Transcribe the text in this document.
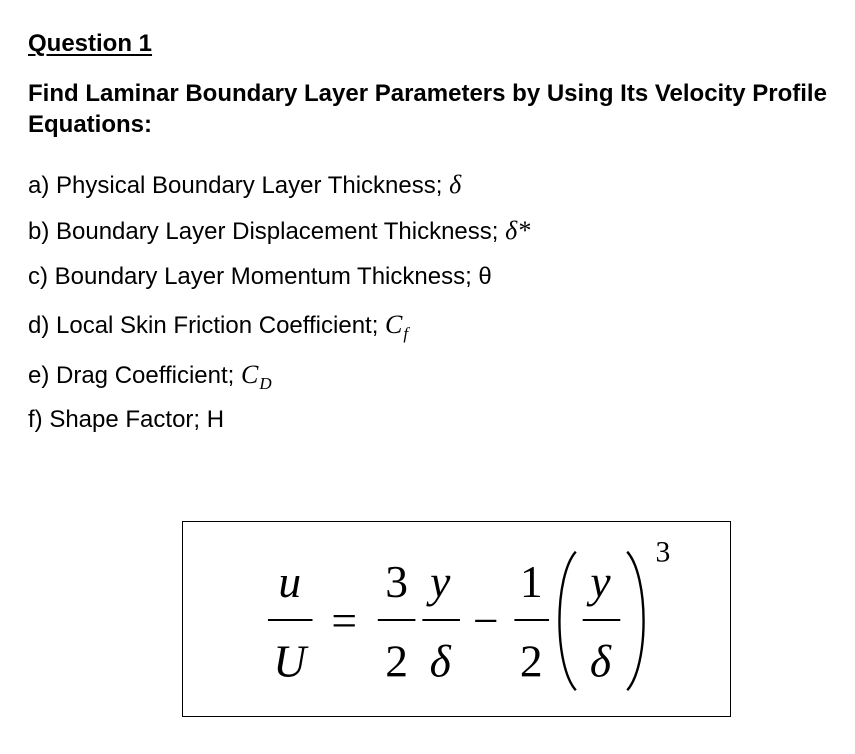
Question 1
Find Laminar Boundary Layer Parameters by Using Its Velocity Profile Equations:

a) Physical Boundary Layer Thickness; δ

b) Boundary Layer Displacement Thickness; δ*

c) Boundary Layer Momentum Thickness; θ

d) Local Skin Friction Coefficient; $C_f$

e) Drag Coefficient; $C_D$

f) Shape Factor; H

u
U
=
3
2
y
δ
−
1
2
y
δ
3
